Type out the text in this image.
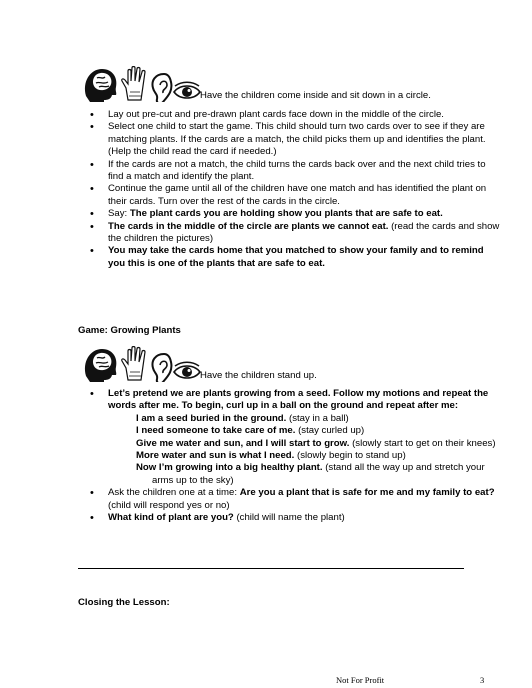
Have the children come inside and sit down in a circle.
• Lay out pre-cut and pre-drawn plant cards face down in the middle of the circle.
• Select one child to start the game. This child should turn two cards over to see if they are matching plants. If the cards are a match, the child picks them up and identifies the plant. (Help the child read the card if needed.)
• If the cards are not a match, the child turns the cards back over and the next child tries to find a match and identify the plant.
• Continue the game until all of the children have one match and has identified the plant on their cards. Turn over the rest of the cards in the circle.
• Say: The plant cards you are holding show you plants that are safe to eat.
• The cards in the middle of the circle are plants we cannot eat. (read the cards and show the children the pictures)
• You may take the cards home that you matched to show your family and to remind you this is one of the plants that are safe to eat.
Game: Growing Plants
Have the children stand up.
• Let’s pretend we are plants growing from a seed. Follow my motions and repeat the words after me. To begin, curl up in a ball on the ground and repeat after me:
I am a seed buried in the ground. (stay in a ball)
I need someone to take care of me. (stay curled up)
Give me water and sun, and I will start to grow. (slowly start to get on their knees)
More water and sun is what I need. (slowly begin to stand up)
Now I’m growing into a big healthy plant. (stand all the way up and stretch your arms up to the sky)
• Ask the children one at a time: Are you a plant that is safe for me and my family to eat? (child will respond yes or no)
• What kind of plant are you? (child will name the plant)
Closing the Lesson:
Not For Profit	3
